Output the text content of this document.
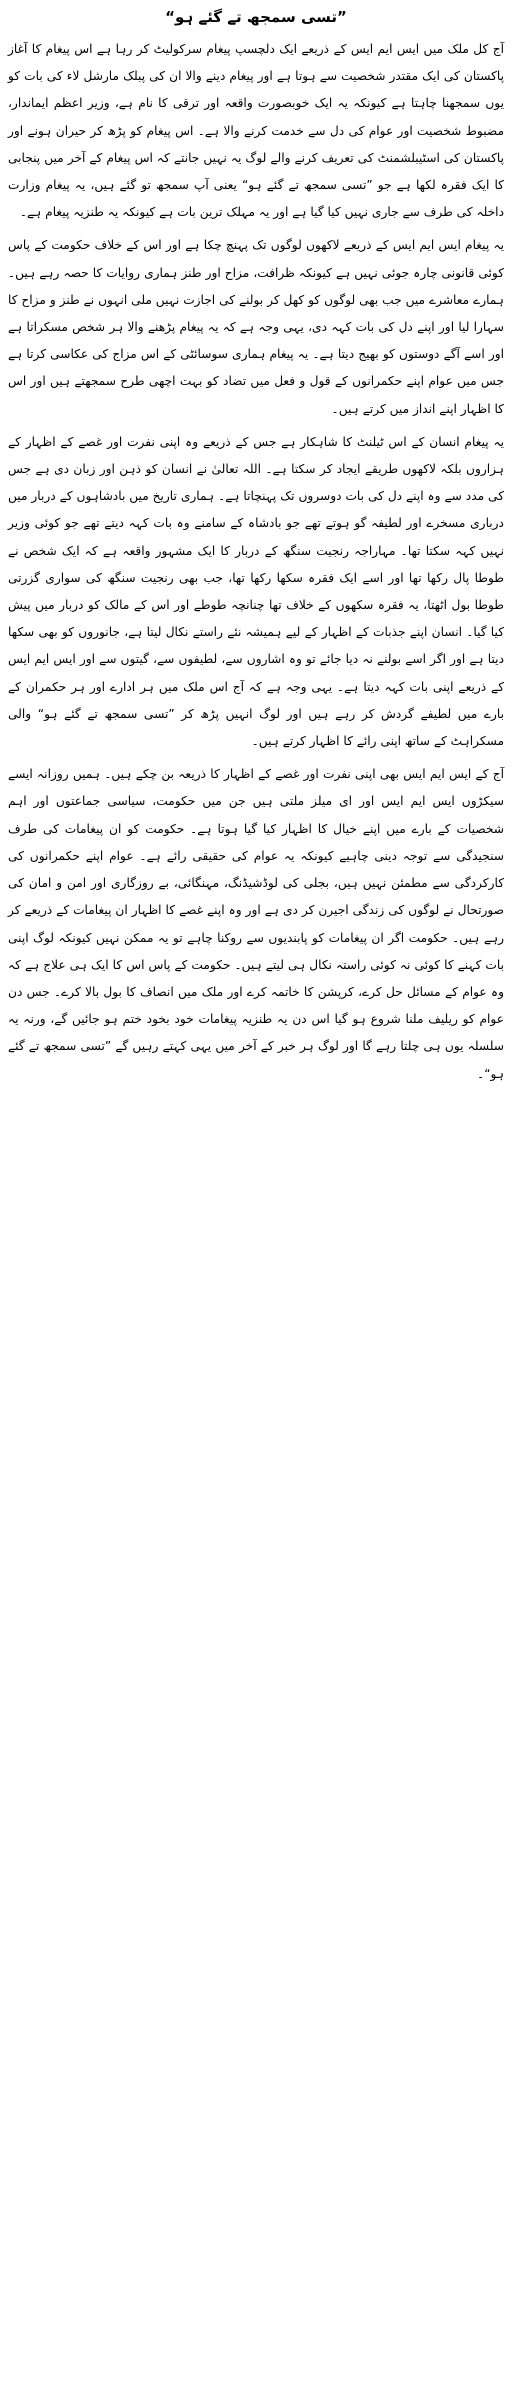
”تسی سمجھ تے گئے ہو“

آج کل ملک میں ایس ایم ایس کے ذریعے ایک دلچسپ پیغام سرکولیٹ کر رہا ہے اس پیغام کا آغاز پاکستان کی ایک مقتدر شخصیت سے ہوتا ہے اور پیغام دینے والا ان کی پبلک مارشل لاء کی بات کو یوں سمجھنا چاہتا ہے کیونکہ یہ ایک خوبصورت واقعہ اور ترقی کا نام ہے، وزیر اعظم ایماندار، مضبوط شخصیت اور عوام کی دل سے خدمت کرنے والا ہے۔ اس پیغام کو پڑھ کر حیران ہونے اور پاکستان کی اسٹیبلشمنٹ کی تعریف کرنے والے لوگ یہ نہیں جانتے کہ اس پیغام کے آخر میں پنجابی کا ایک فقرہ لکھا ہے جو ”تسی سمجھ تے گئے ہو“ یعنی آپ سمجھ تو گئے ہیں، یہ پیغام وزارت داخلہ کی طرف سے جاری نہیں کیا گیا ہے اور یہ مہلک ترین بات ہے کیونکہ یہ طنزیہ پیغام ہے۔

یہ پیغام ایس ایم ایس کے ذریعے لاکھوں لوگوں تک پہنچ چکا ہے اور اس کے خلاف حکومت کے پاس کوئی قانونی چارہ جوئی نہیں ہے کیونکہ ظرافت، مزاح اور طنز ہماری روایات کا حصہ رہے ہیں۔ ہمارے معاشرے میں جب بھی لوگوں کو کھل کر بولنے کی اجازت نہیں ملی انہوں نے طنز و مزاح کا سہارا لیا اور اپنے دل کی بات کہہ دی، یہی وجہ ہے کہ یہ پیغام پڑھنے والا ہر شخص مسکراتا ہے اور اسے آگے دوستوں کو بھیج دیتا ہے۔ یہ پیغام ہماری سوسائٹی کے اس مزاج کی عکاسی کرتا ہے جس میں عوام اپنے حکمرانوں کے قول و فعل میں تضاد کو بہت اچھی طرح سمجھتے ہیں اور اس کا اظہار اپنے انداز میں کرتے ہیں۔

یہ پیغام انسان کے اس ٹیلنٹ کا شاہکار ہے جس کے ذریعے وہ اپنی نفرت اور غصے کے اظہار کے ہزاروں بلکہ لاکھوں طریقے ایجاد کر سکتا ہے۔ اللہ تعالیٰ نے انسان کو ذہن اور زبان دی ہے جس کی مدد سے وہ اپنے دل کی بات دوسروں تک پہنچاتا ہے۔ ہماری تاریخ میں بادشاہوں کے دربار میں درباری مسخرے اور لطیفہ گو ہوتے تھے جو بادشاہ کے سامنے وہ بات کہہ دیتے تھے جو کوئی وزیر نہیں کہہ سکتا تھا۔ مہاراجہ رنجیت سنگھ کے دربار کا ایک مشہور واقعہ ہے کہ ایک شخص نے طوطا پال رکھا تھا اور اسے ایک فقرہ سکھا رکھا تھا، جب بھی رنجیت سنگھ کی سواری گزرتی طوطا بول اٹھتا، یہ فقرہ سکھوں کے خلاف تھا چنانچہ طوطے اور اس کے مالک کو دربار میں پیش کیا گیا۔ انسان اپنے جذبات کے اظہار کے لیے ہمیشہ نئے راستے نکال لیتا ہے، جانوروں کو بھی سکھا دیتا ہے اور اگر اسے بولنے نہ دیا جائے تو وہ اشاروں سے، لطیفوں سے، گیتوں سے اور ایس ایم ایس کے ذریعے اپنی بات کہہ دیتا ہے۔ یہی وجہ ہے کہ آج اس ملک میں ہر ادارے اور ہر حکمران کے بارے میں لطیفے گردش کر رہے ہیں اور لوگ انہیں پڑھ کر ”تسی سمجھ تے گئے ہو“ والی مسکراہٹ کے ساتھ اپنی رائے کا اظہار کرتے ہیں۔

آج کے ایس ایم ایس بھی اپنی نفرت اور غصے کے اظہار کا ذریعہ بن چکے ہیں۔ ہمیں روزانہ ایسے سیکڑوں ایس ایم ایس اور ای میلز ملتی ہیں جن میں حکومت، سیاسی جماعتوں اور اہم شخصیات کے بارے میں اپنے خیال کا اظہار کیا گیا ہوتا ہے۔ حکومت کو ان پیغامات کی طرف سنجیدگی سے توجہ دینی چاہیے کیونکہ یہ عوام کی حقیقی رائے ہے۔ عوام اپنے حکمرانوں کی کارکردگی سے مطمئن نہیں ہیں، بجلی کی لوڈشیڈنگ، مہنگائی، بے روزگاری اور امن و امان کی صورتحال نے لوگوں کی زندگی اجیرن کر دی ہے اور وہ اپنے غصے کا اظہار ان پیغامات کے ذریعے کر رہے ہیں۔ حکومت اگر ان پیغامات کو پابندیوں سے روکنا چاہے تو یہ ممکن نہیں کیونکہ لوگ اپنی بات کہنے کا کوئی نہ کوئی راستہ نکال ہی لیتے ہیں۔ حکومت کے پاس اس کا ایک ہی علاج ہے کہ وہ عوام کے مسائل حل کرے، کرپشن کا خاتمہ کرے اور ملک میں انصاف کا بول بالا کرے۔ جس دن عوام کو ریلیف ملنا شروع ہو گیا اس دن یہ طنزیہ پیغامات خود بخود ختم ہو جائیں گے، ورنہ یہ سلسلہ یوں ہی چلتا رہے گا اور لوگ ہر خبر کے آخر میں یہی کہتے رہیں گے ”تسی سمجھ تے گئے ہو“۔
